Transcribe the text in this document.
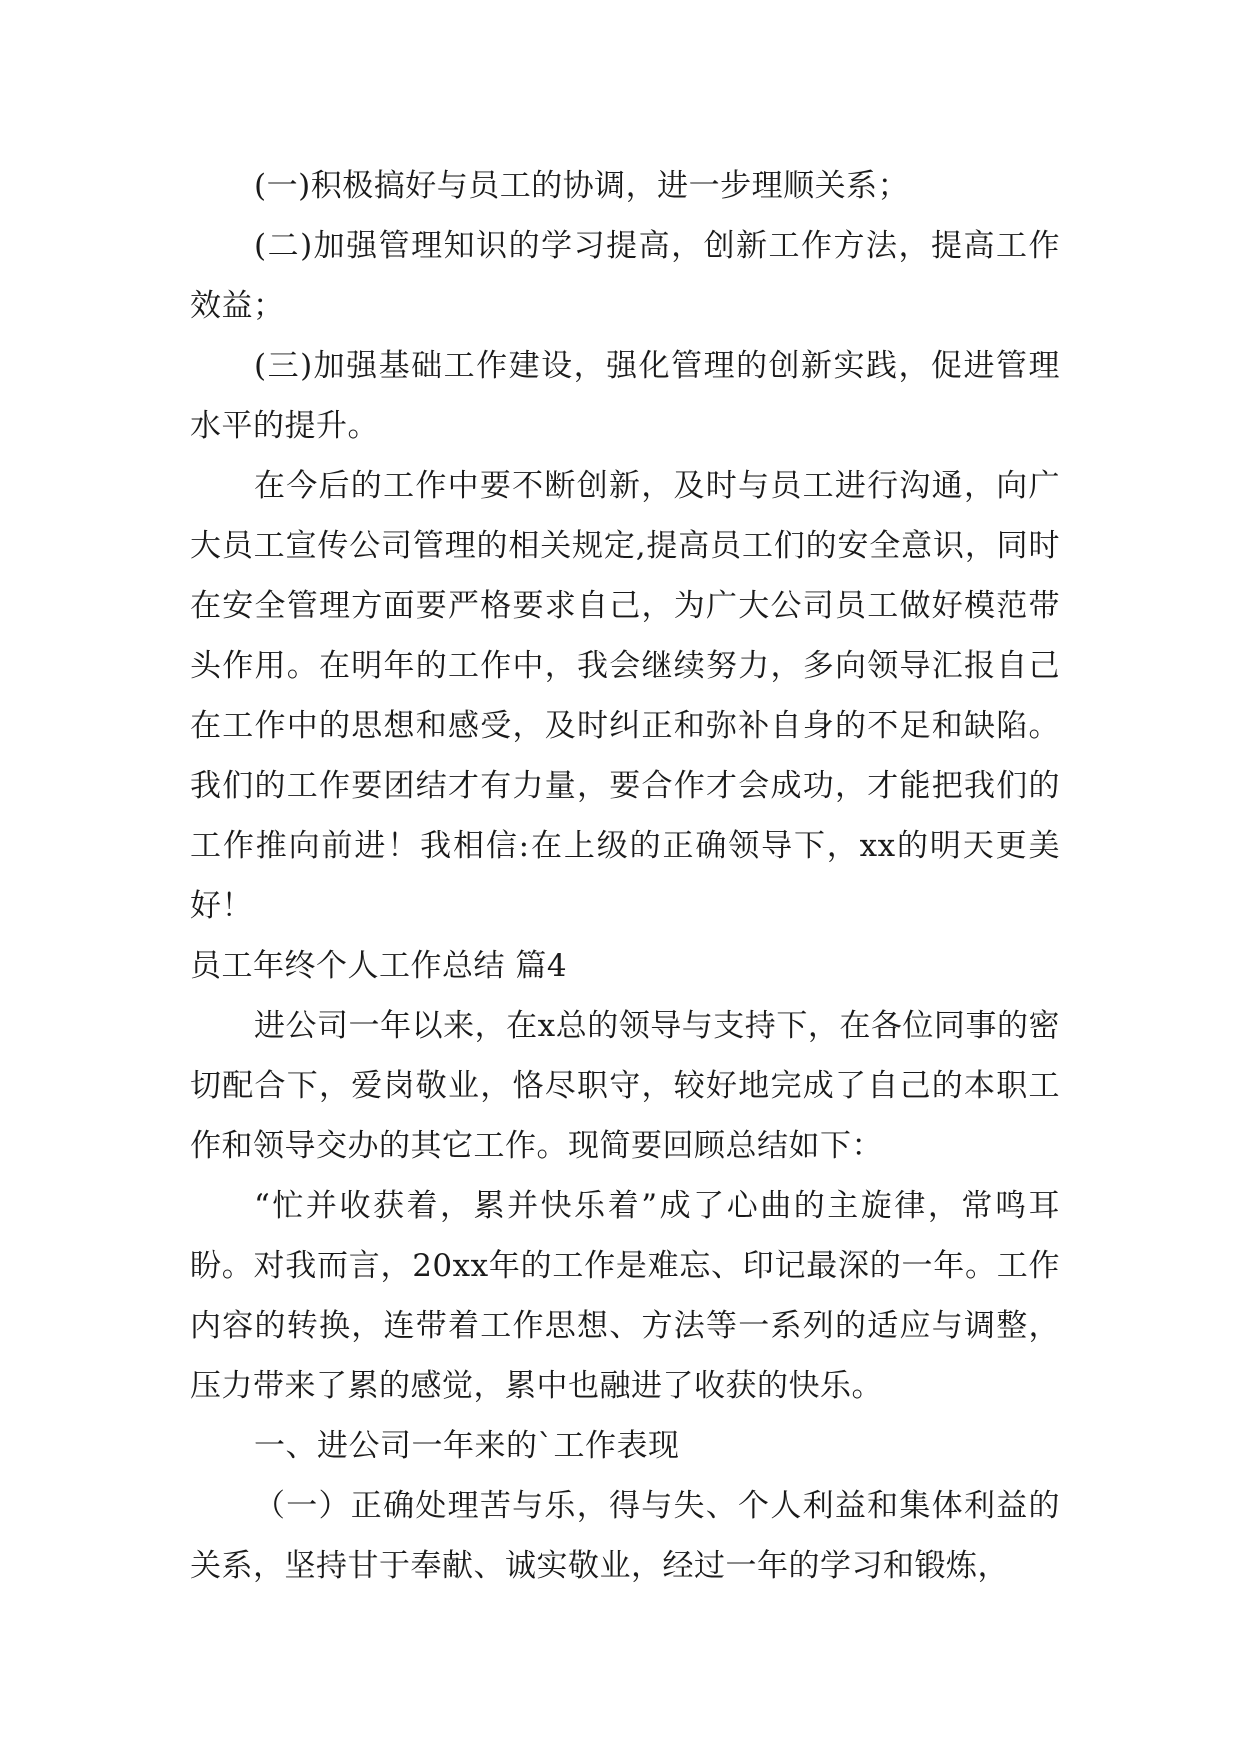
(一)积极搞好与员工的协调，进一步理顺关系；

(二)加强管理知识的学习提高，创新工作方法，提高工作效益；

(三)加强基础工作建设，强化管理的创新实践，促进管理水平的提升。

在今后的工作中要不断创新，及时与员工进行沟通，向广大员工宣传公司管理的相关规定,提高员工们的安全意识，同时在安全管理方面要严格要求自己，为广大公司员工做好模范带头作用。在明年的工作中，我会继续努力，多向领导汇报自己在工作中的思想和感受，及时纠正和弥补自身的不足和缺陷。我们的工作要团结才有力量，要合作才会成功，才能把我们的工作推向前进！我相信:在上级的正确领导下，xx的明天更美好！

员工年终个人工作总结 篇4

进公司一年以来，在x总的领导与支持下，在各位同事的密切配合下，爱岗敬业，恪尽职守，较好地完成了自己的本职工作和领导交办的其它工作。现简要回顾总结如下：

“忙并收获着，累并快乐着”成了心曲的主旋律，常鸣耳盼。对我而言，20xx年的工作是难忘、印记最深的一年。工作内容的转换，连带着工作思想、方法等一系列的适应与调整，压力带来了累的感觉，累中也融进了收获的快乐。

一、进公司一年来的`工作表现

（一）正确处理苦与乐，得与失、个人利益和集体利益的关系，坚持甘于奉献、诚实敬业，经过一年的学习和锻炼，
